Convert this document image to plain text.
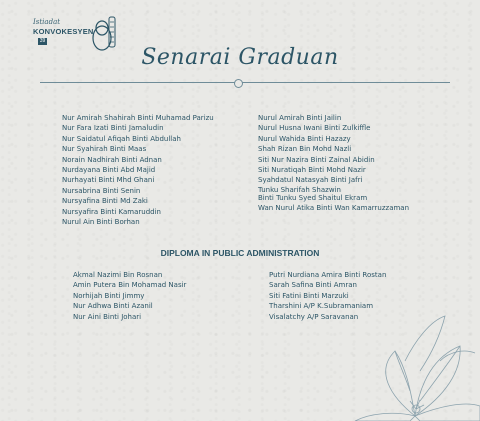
Istiadat
KONVOKESYEN
39
Senarai Graduan
Nur Amirah Shahirah Binti Muhamad Parizu
Nur Fara Izati Binti Jamaludin
Nur Saidatul Afiqah Binti Abdullah
Nur Syahirah Binti Maas
Norain Nadhirah Binti Adnan
Nurdayana Binti Abd Majid
Nurhayati Binti Mhd Ghani
Nursabrina Binti Senin
Nursyafina Binti Md Zaki
Nursyafira Binti Kamaruddin
Nurul Ain Binti Borhan
Nurul Amirah Binti Jailin
Nurul Husna Iwani Binti Zulkiffle
Nurul Wahida Binti Hazazy
Shah Rizan Bin Mohd Nazli
Siti Nur Nazira Binti Zainal Abidin
Siti Nuratiqah Binti Mohd Nazir
Syahdatul Natasyah Binti Jafri
Tunku Sharifah Shazwin
Binti Tunku Syed Shaitul Ekram
Wan Nurul Atika Binti Wan Kamarruzzaman
DIPLOMA IN PUBLIC ADMINISTRATION
Akmal Nazimi Bin Rosnan
Amin Putera Bin Mohamad Nasir
Norhijah Binti Jimmy
Nur Adhwa Binti Azanil
Nur Aini Binti Johari
Putri Nurdiana Amira Binti Rostan
Sarah Safina Binti Amran
Siti Fatini Binti Marzuki
Tharshini A/P K.Subramaniam
Visalatchy A/P Saravanan
